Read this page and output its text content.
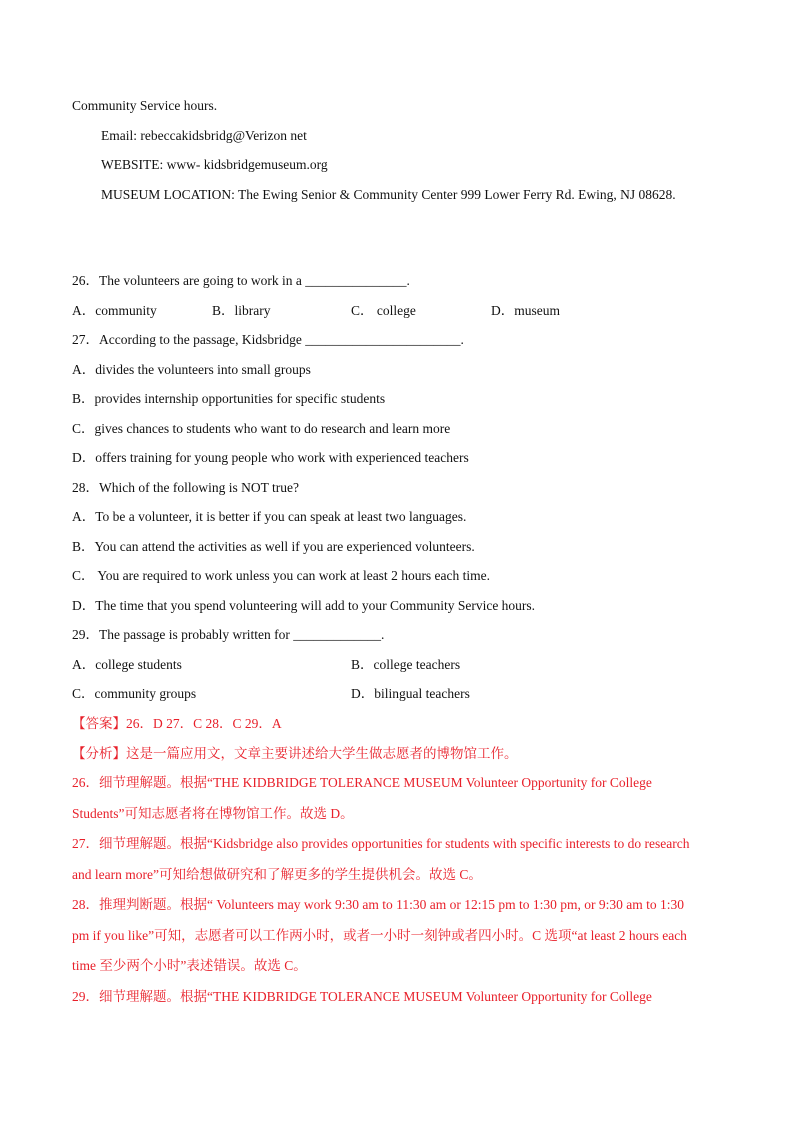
Community Service hours.
Email: rebeccakidsbridg@Verizon net
WEBSITE: www- kidsbridgemuseum.org
MUSEUM LOCATION: The Ewing Senior & Community Center 999 Lower Ferry Rd. Ewing, NJ 08628.
26．The volunteers are going to work in a _______________.
A．community	B．library	C． college	D．museum
27．According to the passage, Kidsbridge _______________________.
A．divides the volunteers into small groups
B．provides internship opportunities for specific students
C．gives chances to students who want to do research and learn more
D．offers training for young people who work with experienced teachers
28．Which of the following is NOT true?
A．To be a volunteer, it is better if you can speak at least two languages.
B．You can attend the activities as well if you are experienced volunteers.
C． You are required to work unless you can work at least 2 hours each time.
D．The time that you spend volunteering will add to your Community Service hours.
29．The passage is probably written for _____________.
A．college students	B．college teachers
C．community groups	D．bilingual teachers
【答案】26．D 27．C 28．C 29．A
【分析】这是一篇应用文，文章主要讲述给大学生做志愿者的博物馆工作。
26．细节理解题。根据“THE KIDBRIDGE TOLERANCE MUSEUM Volunteer Opportunity for College
Students”可知志愿者将在博物馆工作。故选 D。
27．细节理解题。根据“Kidsbridge also provides opportunities for students with specific interests to do research
and learn more”可知给想做研究和了解更多的学生提供机会。故选 C。
28．推理判断题。根据“ Volunteers may work 9:30 am to 11:30 am or 12:15 pm to 1:30 pm, or 9:30 am to 1:30
pm if you like”可知，志愿者可以工作两小时，或者一小时一刻钟或者四小时。C 选项“at least 2 hours each
time 至少两个小时”表述错误。故选 C。
29．细节理解题。根据“THE KIDBRIDGE TOLERANCE MUSEUM Volunteer Opportunity for College
